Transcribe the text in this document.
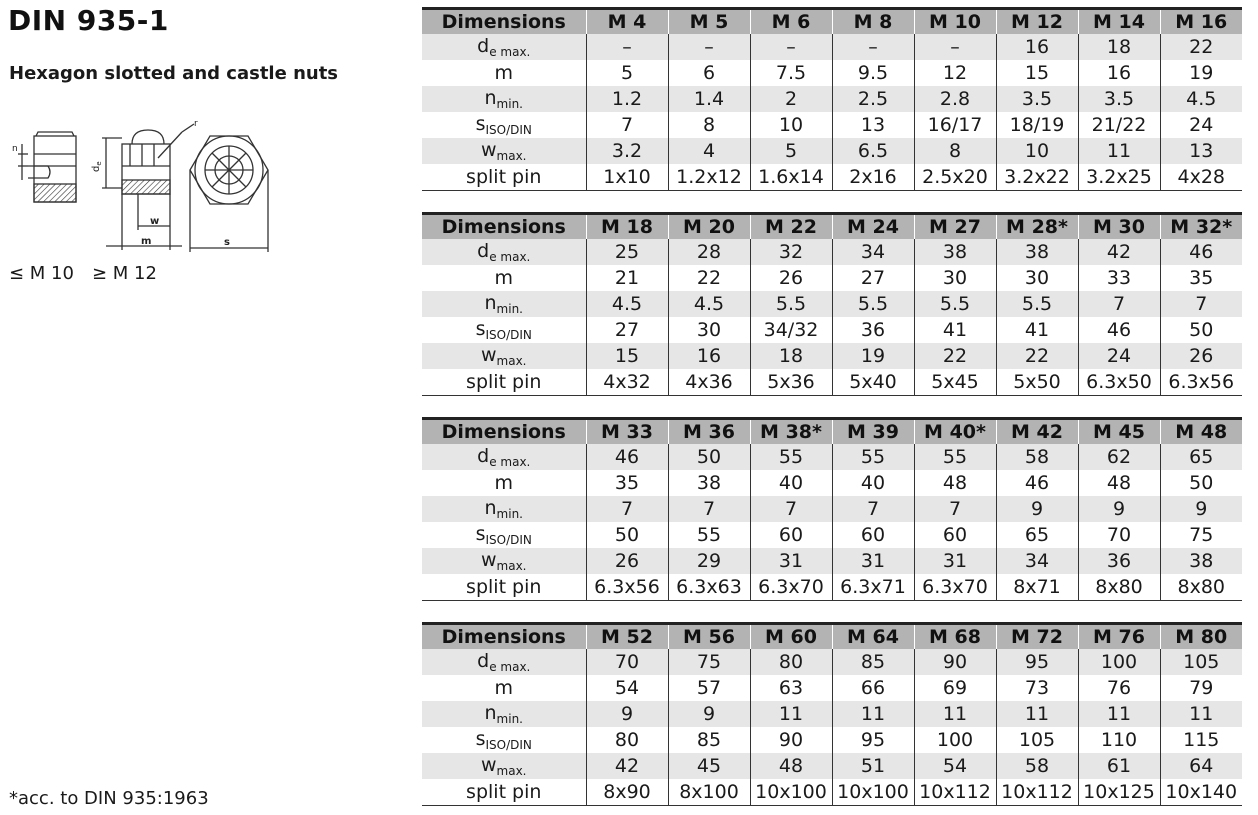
DIN 935-1
Hexagon slotted and castle nuts
n
$d_e$
w
m
r
s
≤ M 10 ≥ M 12
*acc. to DIN 935:1963
Dimensions	M 4	M 5	M 6	M 8	M 10	M 12	M 14	M 16
$d_{e max.}$	–	–	–	–	–	16	18	22
m	5	6	7.5	9.5	12	15	16	19
$n_{min.}$	1.2	1.4	2	2.5	2.8	3.5	3.5	4.5
$s_{ISO/DIN}$	7	8	10	13	16/17	18/19	21/22	24
$w_{max.}$	3.2	4	5	6.5	8	10	11	13
split pin	1x10	1.2x12	1.6x14	2x16	2.5x20	3.2x22	3.2x25	4x28
Dimensions	M 18	M 20	M 22	M 24	M 27	M 28*	M 30	M 32*
$d_{e max.}$	25	28	32	34	38	38	42	46
m	21	22	26	27	30	30	33	35
$n_{min.}$	4.5	4.5	5.5	5.5	5.5	5.5	7	7
$s_{ISO/DIN}$	27	30	34/32	36	41	41	46	50
$w_{max.}$	15	16	18	19	22	22	24	26
split pin	4x32	4x36	5x36	5x40	5x45	5x50	6.3x50	6.3x56
Dimensions	M 33	M 36	M 38*	M 39	M 40*	M 42	M 45	M 48
$d_{e max.}$	46	50	55	55	55	58	62	65
m	35	38	40	40	48	46	48	50
$n_{min.}$	7	7	7	7	7	9	9	9
$s_{ISO/DIN}$	50	55	60	60	60	65	70	75
$w_{max.}$	26	29	31	31	31	34	36	38
split pin	6.3x56	6.3x63	6.3x70	6.3x71	6.3x70	8x71	8x80	8x80
Dimensions	M 52	M 56	M 60	M 64	M 68	M 72	M 76	M 80
$d_{e max.}$	70	75	80	85	90	95	100	105
m	54	57	63	66	69	73	76	79
$n_{min.}$	9	9	11	11	11	11	11	11
$s_{ISO/DIN}$	80	85	90	95	100	105	110	115
$w_{max.}$	42	45	48	51	54	58	61	64
split pin	8x90	8x100	10x100	10x100	10x112	10x112	10x125	10x140
